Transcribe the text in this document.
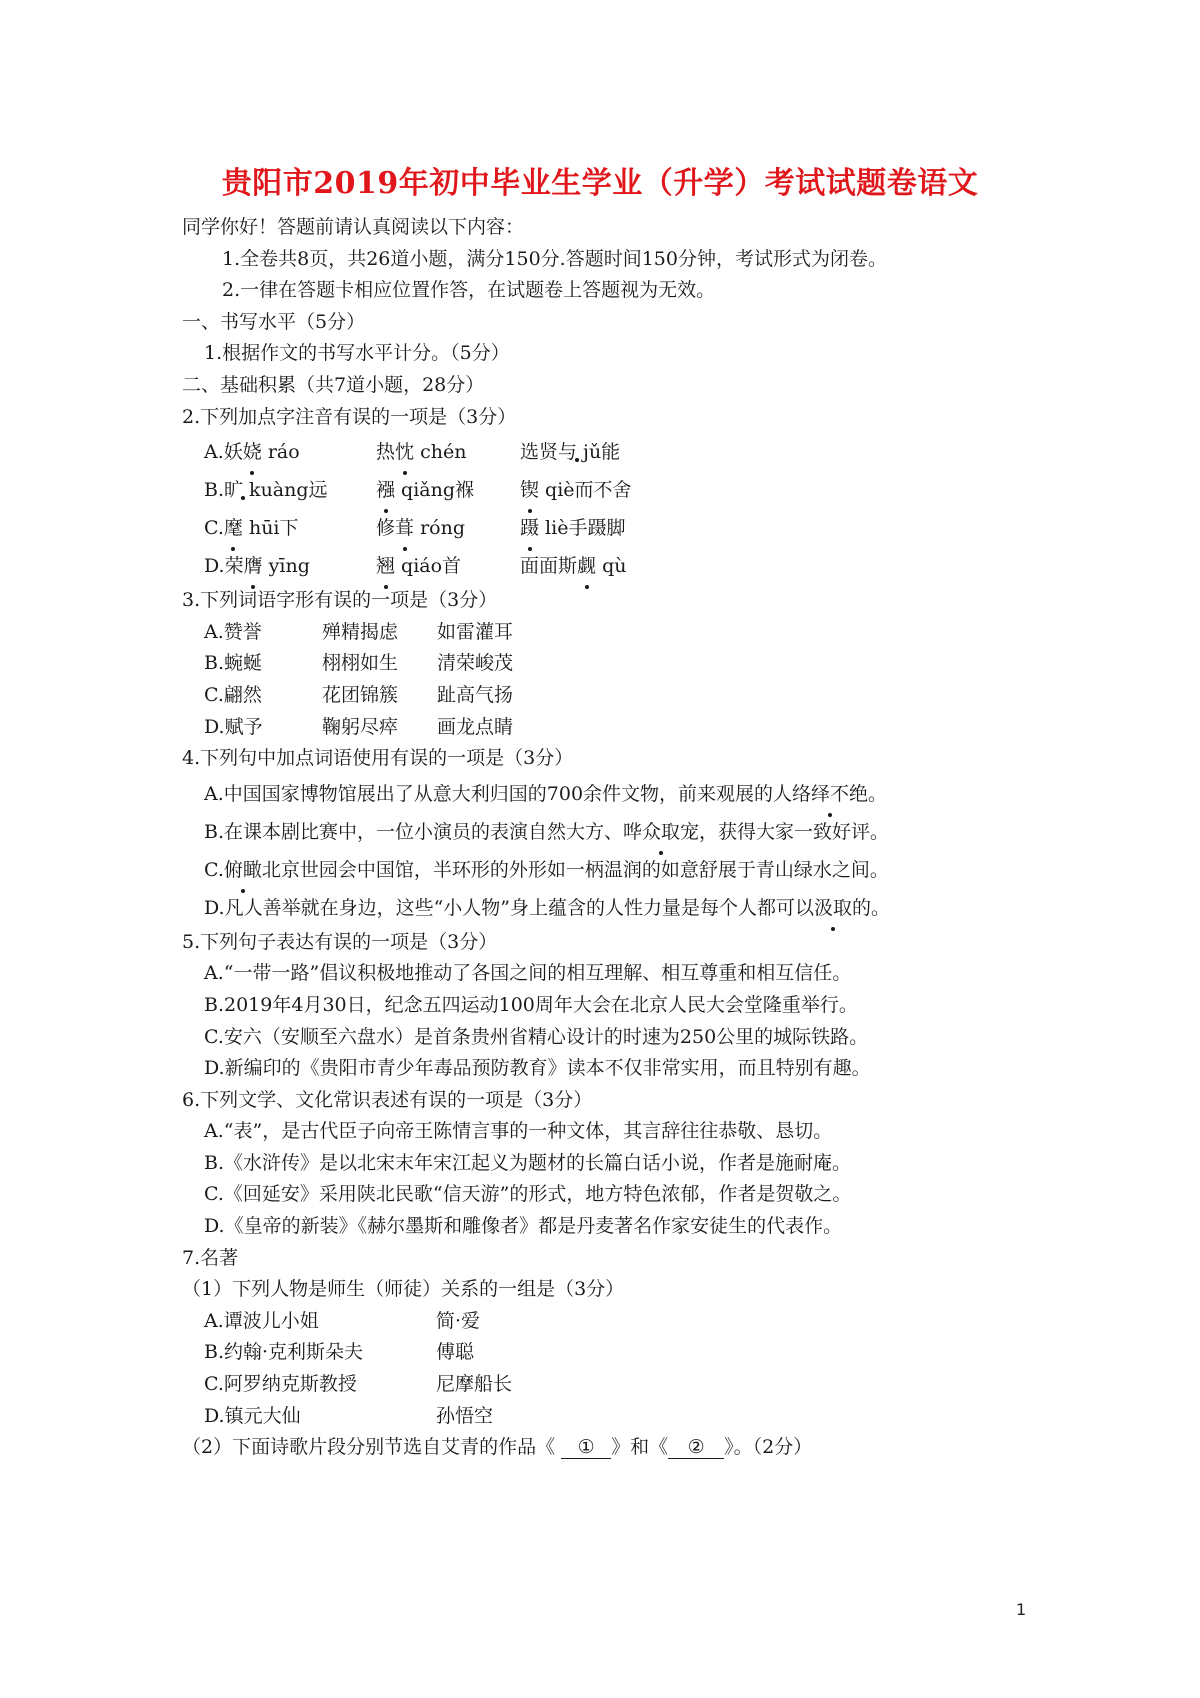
贵阳市2019年初中毕业生学业（升学）考试试题卷语文
同学你好！答题前请认真阅读以下内容：
1.全卷共8页，共26道小题，满分150分.答题时间150分钟，考试形式为闭卷。
2.一律在答题卡相应位置作答，在试题卷上答题视为无效。
一、书写水平（5分）
1.根据作文的书写水平计分。（5分）
二、基础积累（共7道小题，28分）
2.下列加点字注音有误的一项是（3分）
A.妖娆 ráo	热忱 chén	选贤与 jǔ能
B.旷 kuàng远	襁 qiǎng褓 锲 qiè而不舍
C.麾 hūi下	修葺 róng	蹑 liè手蹑脚
D.荣膺 yīng	翘 qiáo首	面面斯觑 qù
3.下列词语字形有误的一项是（3分）
A.赞誉	殚精揭虑 如雷灌耳
B.蜿蜒	栩栩如生 清荣峻茂
C.翩然	花团锦簇 趾高气扬
D.赋予	鞠躬尽瘁 画龙点睛
4.下列句中加点词语使用有误的一项是（3分）
A.中国国家博物馆展出了从意大利归国的700余件文物，前来观展的人络绎不绝。
B.在课本剧比赛中，一位小演员的表演自然大方、哗众取宠，获得大家一致好评。
C.俯瞰北京世园会中国馆，半环形的外形如一柄温润的如意舒展于青山绿水之间。
D.凡人善举就在身边，这些“小人物”身上蕴含的人性力量是每个人都可以汲取的。
5.下列句子表达有误的一项是（3分）
A.“一带一路”倡议积极地推动了各国之间的相互理解、相互尊重和相互信任。
B.2019年4月30日，纪念五四运动100周年大会在北京人民大会堂隆重举行。
C.安六（安顺至六盘水）是首条贵州省精心设计的时速为250公里的城际铁路。
D.新编印的《贵阳市青少年毒品预防教育》读本不仅非常实用，而且特别有趣。
6.下列文学、文化常识表述有误的一项是（3分）
A.“表”，是古代臣子向帝王陈情言事的一种文体，其言辞往往恭敬、恳切。
B.《水浒传》是以北宋末年宋江起义为题材的长篇白话小说，作者是施耐庵。
C.《回延安》采用陕北民歌“信天游”的形式，地方特色浓郁，作者是贺敬之。
D.《皇帝的新装》《赫尔墨斯和雕像者》都是丹麦著名作家安徒生的代表作。
7.名著
（1）下列人物是师生（师徒）关系的一组是（3分）
A.谭波儿小姐	简·爱
B.约翰·克利斯朵夫	傅聪
C.阿罗纳克斯教授	尼摩船长
D.镇元大仙	孙悟空
（2）下面诗歌片段分别节选自艾青的作品《 ① 》和《 ② 》。（2分）
1
